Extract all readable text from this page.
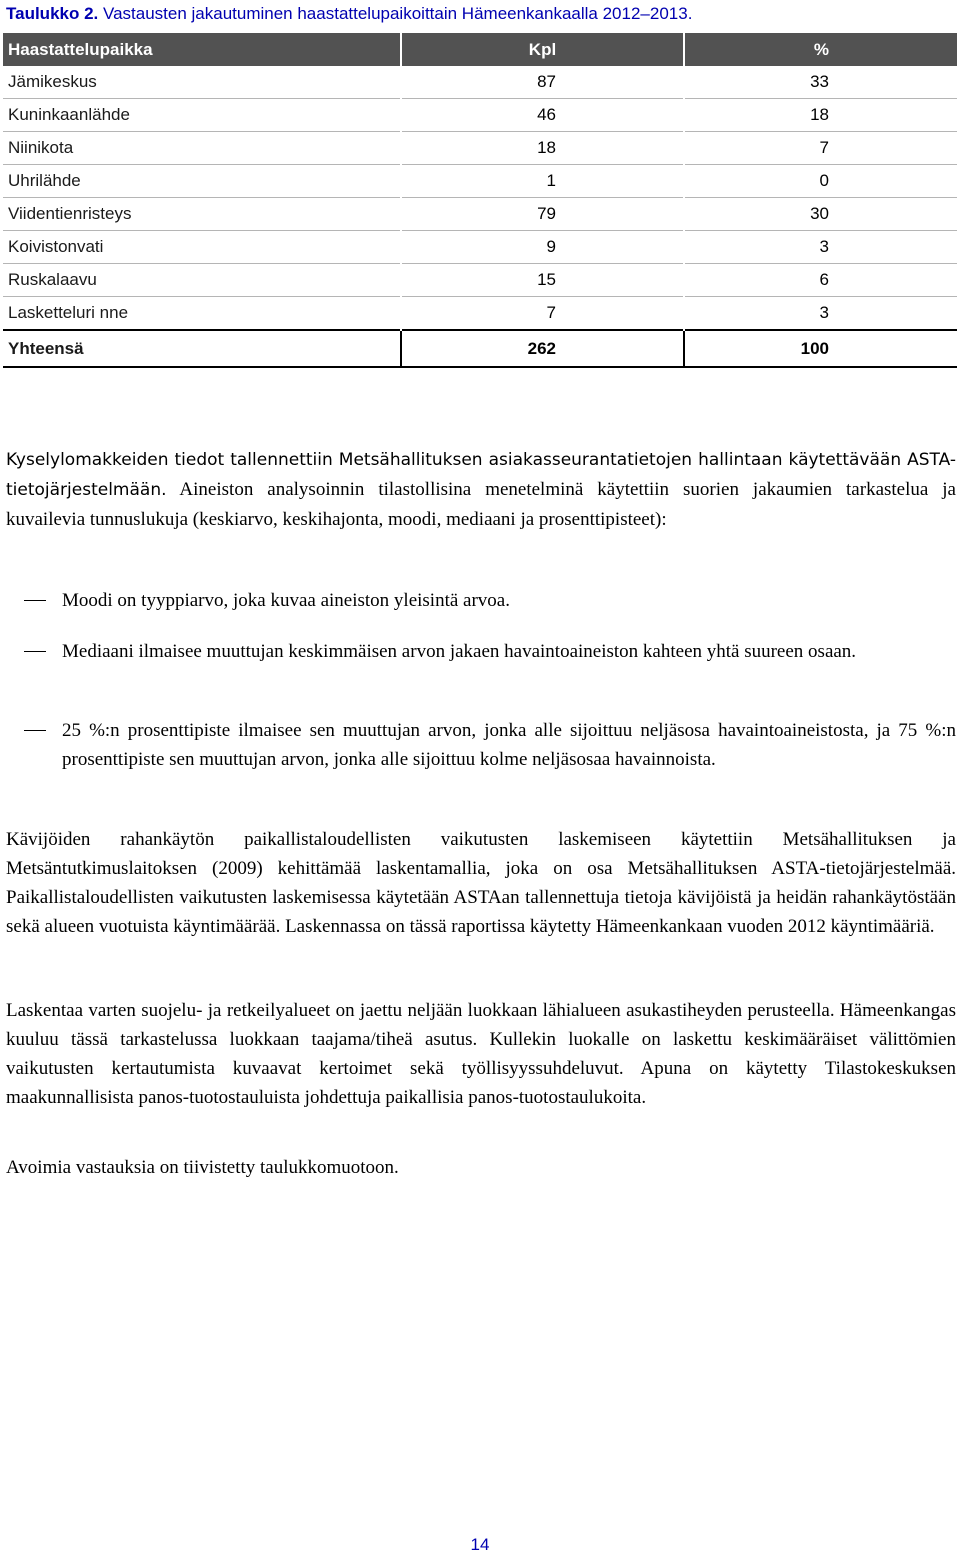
Taulukko 2. Vastausten jakautuminen haastattelupaikoittain Hämeenkankaalla 2012–2013.
Haastattelupaikka	Kpl	%
Jämikeskus	87	33
Kuninkaanlähde	46	18
Niinikota	18	7
Uhrilähde	1	0
Viidentienristeys	79	30
Koivistonvati	9	3
Ruskalaavu	15	6
Lasketteluri nne	7	3
Yhteensä	262	100

Kyselylomakkeiden tiedot tallennettiin Metsähallituksen asiakasseurantatietojen hallintaan käytettävään ASTA-tietojärjestelmään. Aineiston analysoinnin tilastollisina menetelminä käytettiin suorien jakaumien tarkastelua ja kuvailevia tunnuslukuja (keskiarvo, keskihajonta, moodi, mediaani ja prosenttipisteet):

Moodi on tyyppiarvo, joka kuvaa aineiston yleisintä arvoa.
Mediaani ilmaisee muuttujan keskimmäisen arvon jakaen havaintoaineiston kahteen yhtä suureen osaan.
25 %:n prosenttipiste ilmaisee sen muuttujan arvon, jonka alle sijoittuu neljäsosa havaintoaineistosta, ja 75 %:n prosenttipiste sen muuttujan arvon, jonka alle sijoittuu kolme neljäsosaa havainnoista.

Kävijöiden rahankäytön paikallistaloudellisten vaikutusten laskemiseen käytettiin Metsähallituksen ja Metsäntutkimuslaitoksen (2009) kehittämää laskentamallia, joka on osa Metsähallituksen ASTA-tietojärjestelmää. Paikallistaloudellisten vaikutusten laskemisessa käytetään ASTAan tallennettuja tietoja kävijöistä ja heidän rahankäytöstään sekä alueen vuotuista käyntimäärää. Laskennassa on tässä raportissa käytetty Hämeenkankaan vuoden 2012 käyntimääriä.

Laskentaa varten suojelu- ja retkeilyalueet on jaettu neljään luokkaan lähialueen asukastiheyden perusteella. Hämeenkangas kuuluu tässä tarkastelussa luokkaan taajama/tiheä asutus. Kullekin luokalle on laskettu keskimääräiset välittömien vaikutusten kertautumista kuvaavat kertoimet sekä työllisyyssuhdeluvut. Apuna on käytetty Tilastokeskuksen maakunnallisista panos-tuotostauluista johdettuja paikallisia panos-tuotostaulukoita.

Avoimia vastauksia on tiivistetty taulukkomuotoon.

14
